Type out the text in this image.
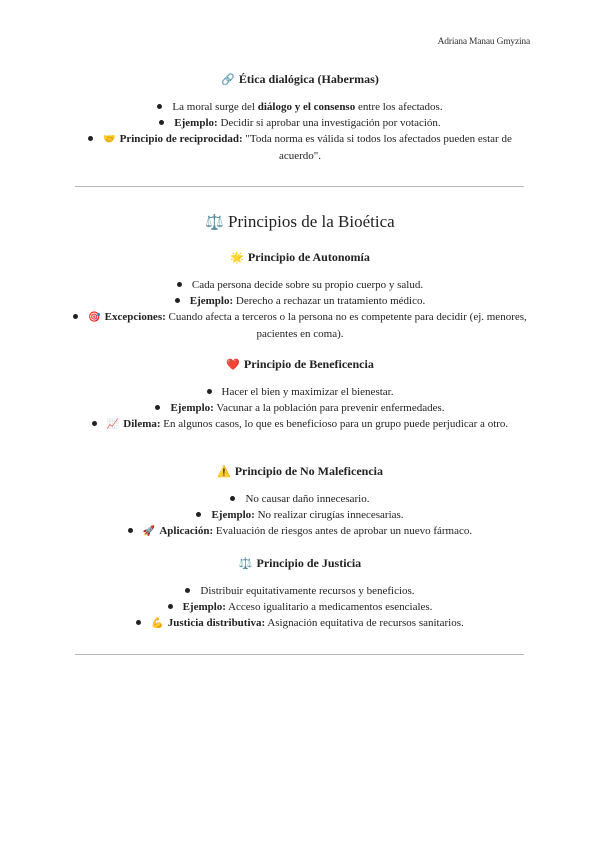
Adriana Manau Gmyzina

🔗 Ética dialógica (Habermas)

La moral surge del diálogo y el consenso entre los afectados.
Ejemplo: Decidir si aprobar una investigación por votación.
🤝 Principio de reciprocidad: "Toda norma es válida si todos los afectados pueden estar de acuerdo".

⚖️ Principios de la Bioética

🌟 Principio de Autonomía

Cada persona decide sobre su propio cuerpo y salud.
Ejemplo: Derecho a rechazar un tratamiento médico.
🎯 Excepciones: Cuando afecta a terceros o la persona no es competente para decidir (ej. menores, pacientes en coma).

❤️ Principio de Beneficencia

Hacer el bien y maximizar el bienestar.
Ejemplo: Vacunar a la población para prevenir enfermedades.
📈 Dilema: En algunos casos, lo que es beneficioso para un grupo puede perjudicar a otro.

⚠️ Principio de No Maleficencia

No causar daño innecesario.
Ejemplo: No realizar cirugías innecesarias.
🚀 Aplicación: Evaluación de riesgos antes de aprobar un nuevo fármaco.

⚖️ Principio de Justicia

Distribuir equitativamente recursos y beneficios.
Ejemplo: Acceso igualitario a medicamentos esenciales.
💪 Justicia distributiva: Asignación equitativa de recursos sanitarios.
